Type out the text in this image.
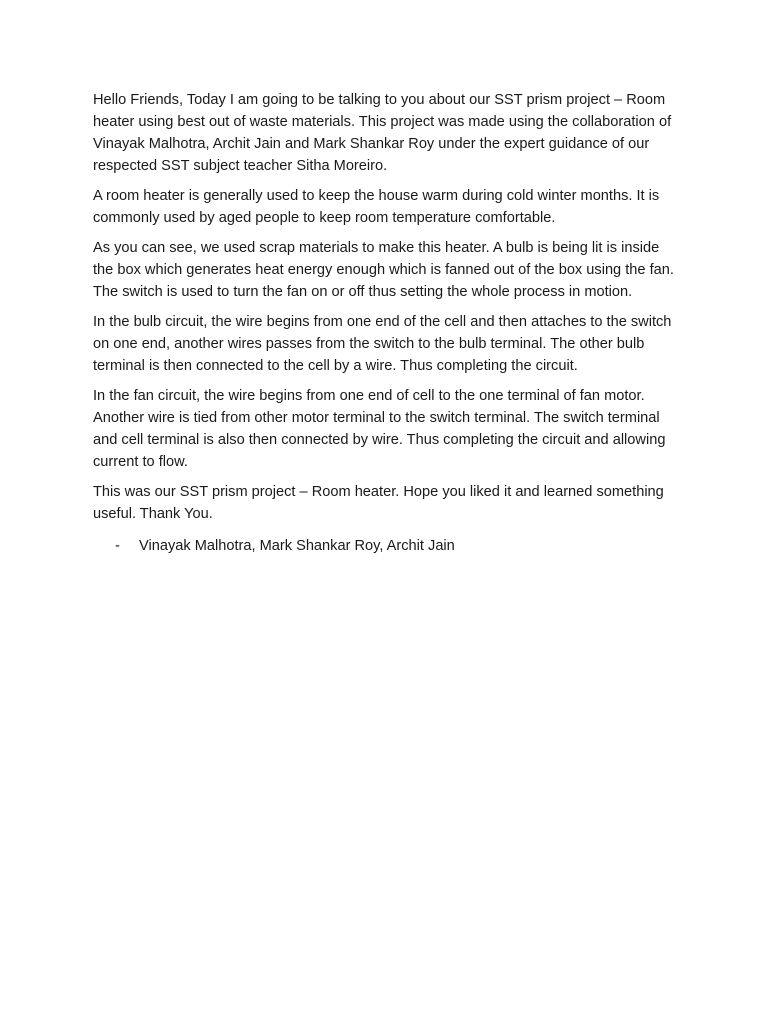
Hello Friends, Today I am going to be talking to you about our SST prism project – Room heater using best out of waste materials. This project was made using the collaboration of Vinayak Malhotra, Archit Jain and Mark Shankar Roy under the expert guidance of our respected SST subject teacher Sitha Moreiro.

A room heater is generally used to keep the house warm during cold winter months. It is commonly used by aged people to keep room temperature comfortable.

As you can see, we used scrap materials to make this heater. A bulb is being lit is inside the box which generates heat energy enough which is fanned out of the box using the fan. The switch is used to turn the fan on or off thus setting the whole process in motion.

In the bulb circuit, the wire begins from one end of the cell and then attaches to the switch on one end, another wires passes from the switch to the bulb terminal. The other bulb terminal is then connected to the cell by a wire. Thus completing the circuit.

In the fan circuit, the wire begins from one end of cell to the one terminal of fan motor. Another wire is tied from other motor terminal to the switch terminal. The switch terminal and cell terminal is also then connected by wire. Thus completing the circuit and allowing current to flow.

This was our SST prism project – Room heater. Hope you liked it and learned something useful. Thank You.

-	Vinayak Malhotra, Mark Shankar Roy, Archit Jain
